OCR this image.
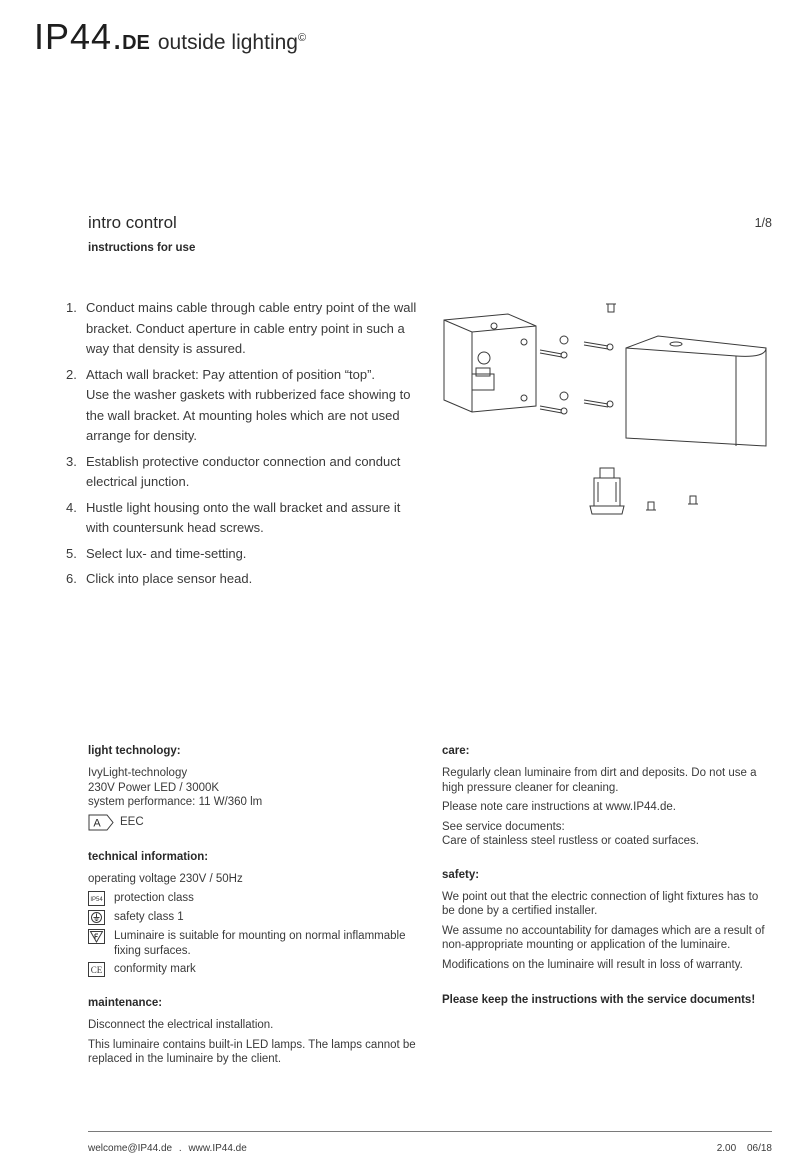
IP44 . DE outside lighting©
intro control
instructions for use
1/8
1. Conduct mains cable through cable entry point of the wall bracket. Conduct aperture in cable entry point in such a way that density is assured.
2. Attach wall bracket: Pay attention of position “top”.
Use the washer gaskets with rubberized face showing to the wall bracket. At mounting holes which are not used arrange for density.
3. Establish protective conductor connection and conduct electrical junction.
4. Hustle light housing onto the wall bracket and assure it with countersunk head screws.
5. Select lux- and time-setting.
6. Click into place sensor head.
light technology:
IvyLight-technology
230V Power LED / 3000K
system performance: 11 W/360 lm
A EEC
technical information:
operating voltage 230V / 50Hz
IP54 protection class
safety class 1
Luminaire is suitable for mounting on normal inflammable fixing surfaces.
CE conformity mark
maintenance:
Disconnect the electrical installation.
This luminaire contains built-in LED lamps. The lamps cannot be replaced in the luminaire by the client.
care:
Regularly clean luminaire from dirt and deposits. Do not use a high pressure cleaner for cleaning.
Please note care instructions at www.IP44.de.
See service documents:
Care of stainless steel rustless or coated surfaces.
safety:
We point out that the electric connection of light fixtures has to be done by a certified installer.
We assume no accountability for damages which are a result of non-appropriate mounting or application of the luminaire.
Modifications on the luminaire will result in loss of warranty.
Please keep the instructions with the service documents!
welcome@IP44.de . www.IP44.de	2.00 06/18
